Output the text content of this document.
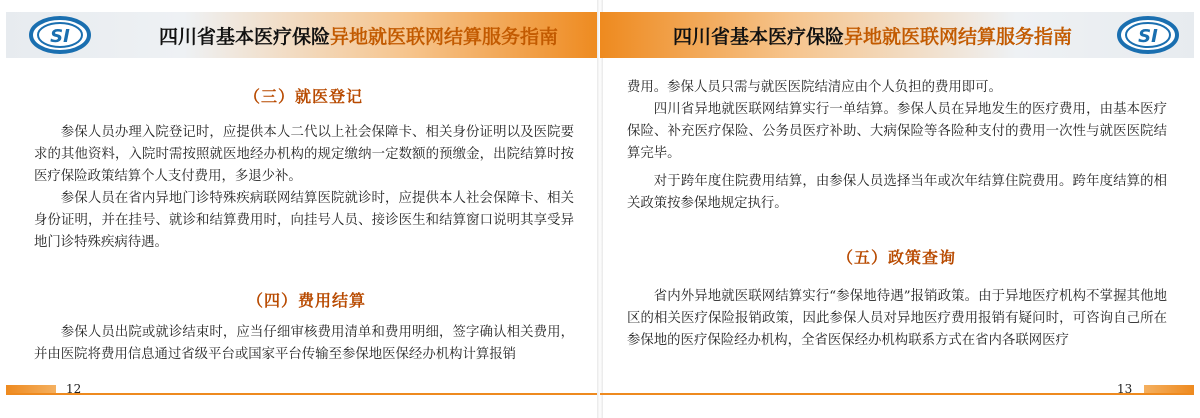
SI	四川省基本医疗保险异地就医联网结算服务指南
（三）就医登记

参保人员办理入院登记时，应提供本人二代以上社会保障卡、相关身份证明以及医院要求的其他资料，入院时需按照就医地经办机构的规定缴纳一定数额的预缴金，出院结算时按医疗保险政策结算个人支付费用，多退少补。

参保人员在省内异地门诊特殊疾病联网结算医院就诊时，应提供本人社会保障卡、相关身份证明，并在挂号、就诊和结算费用时，向挂号人员、接诊医生和结算窗口说明其享受异地门诊特殊疾病待遇。

（四）费用结算

参保人员出院或就诊结束时，应当仔细审核费用清单和费用明细，签字确认相关费用，并由医院将费用信息通过省级平台或国家平台传输至参保地医保经办机构计算报销

12
四川省基本医疗保险异地就医联网结算服务指南	SI

费用。参保人员只需与就医医院结清应由个人负担的费用即可。

四川省异地就医联网结算实行一单结算。参保人员在异地发生的医疗费用，由基本医疗保险、补充医疗保险、公务员医疗补助、大病保险等各险种支付的费用一次性与就医医院结算完毕。

对于跨年度住院费用结算，由参保人员选择当年或次年结算住院费用。跨年度结算的相关政策按参保地规定执行。

（五）政策查询

省内外异地就医联网结算实行“参保地待遇”报销政策。由于异地医疗机构不掌握其他地区的相关医疗保险报销政策，因此参保人员对异地医疗费用报销有疑问时，可咨询自己所在参保地的医疗保险经办机构，全省医保经办机构联系方式在省内各联网医疗

13
